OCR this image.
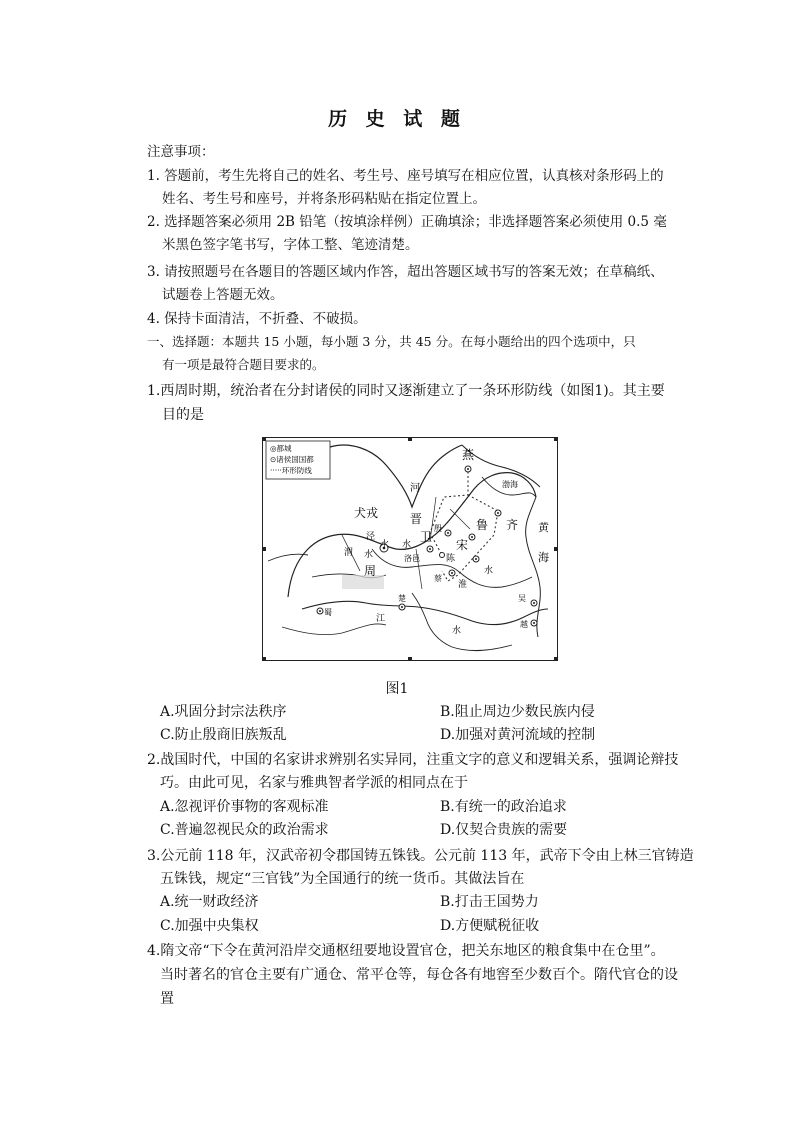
历 史 试 题
注意事项：
1. 答题前，考生先将自己的姓名、考生号、座号填写在相应位置，认真核对条形码上的
姓名、考生号和座号，并将条形码粘贴在指定位置上。
2. 选择题答案必须用 2B 铅笔（按填涂样例）正确填涂；非选择题答案必须使用 0.5 毫
米黑色签字笔书写，字体工整、笔迹清楚。
3. 请按照题号在各题目的答题区域内作答，超出答题区域书写的答案无效；在草稿纸、
试题卷上答题无效。
4. 保持卡面清洁，不折叠、不破损。
一、选择题：本题共 15 小题，每小题 3 分，共 45 分。在每小题给出的四个选项中，只
有一项是最符合题目要求的。
1.西周时期，统治者在分封诸侯的同时又逐渐建立了一条环形防线（如图1)。其主要
目的是
◎都城
⊙诸侯国国都
·····环形防线
燕
渤海
河
犬戎
殷
晋
卫
鲁 齐 黄
海
泾
水 水
渭 水	洛邑
宋
陈
蔡
淮
水
周
楚
蜀
江
水
吴
越
图1
A.巩固分封宗法秩序	B.阻止周边少数民族内侵
C.防止殷商旧族叛乱	D.加强对黄河流域的控制
2.战国时代，中国的名家讲求辨别名实异同，注重文字的意义和逻辑关系，强调论辩技
巧。由此可见，名家与雅典智者学派的相同点在于
A.忽视评价事物的客观标准	B.有统一的政治追求
C.普遍忽视民众的政治需求	D.仅契合贵族的需要
3.公元前 118 年，汉武帝初令郡国铸五铢钱。公元前 113 年，武帝下令由上林三官铸造
五铢钱，规定“三官钱”为全国通行的统一货币。其做法旨在
A.统一财政经济	B.打击王国势力
C.加强中央集权	D.方便赋税征收
4.隋文帝“下令在黄河沿岸交通枢纽要地设置官仓，把关东地区的粮食集中在仓里”。
当时著名的官仓主要有广通仓、常平仓等，每仓各有地窖至少数百个。隋代官仓的设
置
